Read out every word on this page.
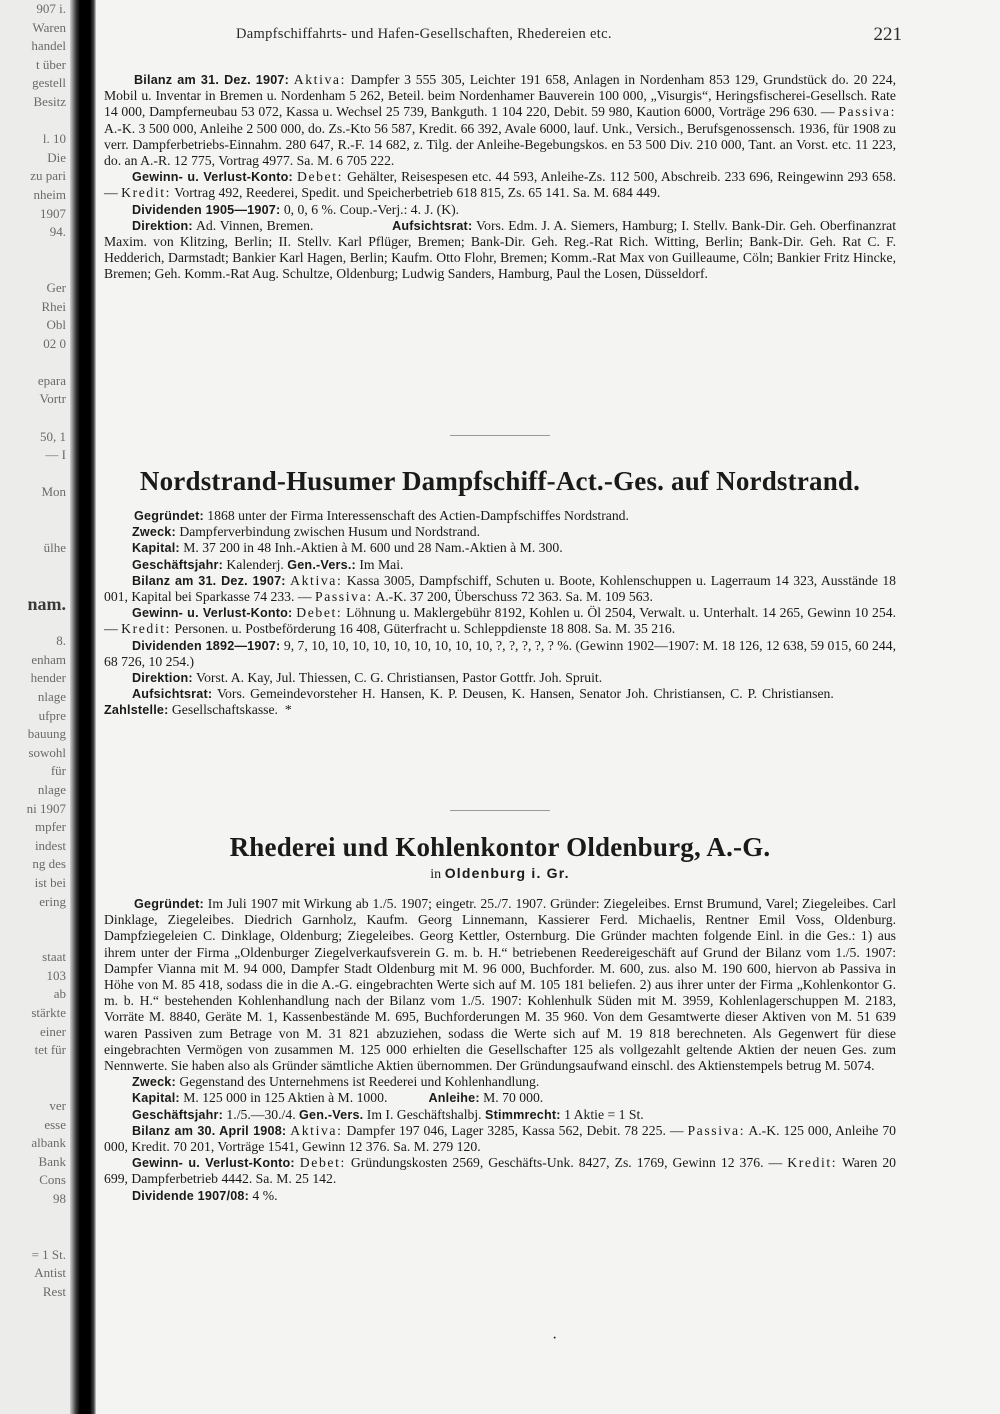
907 i.
Waren
handel
t über
gestell
Besitz
l. 10
Die
zu pari
nheim
1907
94.
Ger
Rhei
Obl
02 0
epara
Vortr
50, 1
— I
Mon
ülhe
nam.
8.
enham
hender
nlage
ufpre
bauung
sowohl
für
nlage
ni 1907
mpfer
indest
ng des
ist bei
ering
staat
103
ab
stärkte
einer
tet für
ver
esse
albank
Bank
Cons
98
= 1 St.
Antist
Rest
Dampfschiffahrts- und Hafen-Gesellschaften, Rhedereien etc.	221

Bilanz am 31. Dez. 1907: Aktiva: Dampfer 3 555 305, Leichter 191 658, Anlagen in Nordenham 853 129, Grundstück do. 20 224, Mobil u. Inventar in Bremen u. Nordenham 5 262, Beteil. beim Nordenhamer Bauverein 100 000, „Visurgis“, Heringsfischerei-Gesellsch. Rate 14 000, Dampferneubau 53 072, Kassa u. Wechsel 25 739, Bankguth. 1 104 220, Debit. 59 980, Kaution 6000, Vorträge 296 630. — Passiva: A.-K. 3 500 000, Anleihe 2 500 000, do. Zs.-Kto 56 587, Kredit. 66 392, Avale 6000, lauf. Unk., Versich., Berufsgenossensch. 1936, für 1908 zu verr. Dampferbetriebs-Einnahm. 280 647, R.-F. 14 682, z. Tilg. der Anleihe-Begebungskos. en 53 500 Div. 210 000, Tant. an Vorst. etc. 11 223, do. an A.-R. 12 775, Vortrag 4977. Sa. M. 6 705 222.

Gewinn- u. Verlust-Konto: Debet: Gehälter, Reisespesen etc. 44 593, Anleihe-Zs. 112 500, Abschreib. 233 696, Reingewinn 293 658. — Kredit: Vortrag 492, Reederei, Spedit. und Speicherbetrieb 618 815, Zs. 65 141. Sa. M. 684 449.

Dividenden 1905—1907: 0, 0, 6 %. Coup.-Verj.: 4. J. (K).

Direktion: Ad. Vinnen, Bremen.	Aufsichtsrat: Vors. Edm. J. A. Siemers, Hamburg; I. Stellv. Bank-Dir. Geh. Oberfinanzrat Maxim. von Klitzing, Berlin; II. Stellv. Karl Pflüger, Bremen; Bank-Dir. Geh. Reg.-Rat Rich. Witting, Berlin; Bank-Dir. Geh. Rat C. F. Hedderich, Darmstadt; Bankier Karl Hagen, Berlin; Kaufm. Otto Flohr, Bremen; Komm.-Rat Max von Guilleaume, Cöln; Bankier Fritz Hincke, Bremen; Geh. Komm.-Rat Aug. Schultze, Oldenburg; Ludwig Sanders, Hamburg, Paul the Losen, Düsseldorf.

Nordstrand-Husumer Dampfschiff-Act.-Ges. auf Nordstrand.

Gegründet: 1868 unter der Firma Interessenschaft des Actien-Dampfschiffes Nordstrand.

Zweck: Dampferverbindung zwischen Husum und Nordstrand.

Kapital: M. 37 200 in 48 Inh.-Aktien à M. 600 und 28 Nam.-Aktien à M. 300.

Geschäftsjahr: Kalenderj. Gen.-Vers.: Im Mai.

Bilanz am 31. Dez. 1907: Aktiva: Kassa 3005, Dampfschiff, Schuten u. Boote, Kohlenschuppen u. Lagerraum 14 323, Ausstände 18 001, Kapital bei Sparkasse 74 233. — Passiva: A.-K. 37 200, Überschuss 72 363. Sa. M. 109 563.

Gewinn- u. Verlust-Konto: Debet: Löhnung u. Maklergebühr 8192, Kohlen u. Öl 2504, Verwalt. u. Unterhalt. 14 265, Gewinn 10 254. — Kredit: Personen. u. Postbeförderung 16 408, Güterfracht u. Schleppdienste 18 808. Sa. M. 35 216.

Dividenden 1892—1907: 9, 7, 10, 10, 10, 10, 10, 10, 10, 10, 10, ?, ?, ?, ?, ? %. (Gewinn 1902—1907: M. 18 126, 12 638, 59 015, 60 244, 68 726, 10 254.)

Direktion: Vorst. A. Kay, Jul. Thiessen, C. G. Christiansen, Pastor Gottfr. Joh. Spruit.

Aufsichtsrat: Vors. Gemeindevorsteher H. Hansen, K. P. Deusen, K. Hansen, Senator Joh. Christiansen, C. P. Christiansen.              Zahlstelle: Gesellschaftskasse. *

Rhederei und Kohlenkontor Oldenburg, A.-G.
in Oldenburg i. Gr.

Gegründet: Im Juli 1907 mit Wirkung ab 1./5. 1907; eingetr. 25./7. 1907. Gründer: Ziegeleibes. Ernst Brumund, Varel; Ziegeleibes. Carl Dinklage, Ziegeleibes. Diedrich Garnholz, Kaufm. Georg Linnemann, Kassierer Ferd. Michaelis, Rentner Emil Voss, Oldenburg. Dampfziegeleien C. Dinklage, Oldenburg; Ziegeleibes. Georg Kettler, Osternburg. Die Gründer machten folgende Einl. in die Ges.: 1) aus ihrem unter der Firma „Oldenburger Ziegelverkaufsverein G. m. b. H.“ betriebenen Reedereigeschäft auf Grund der Bilanz vom 1./5. 1907: Dampfer Vianna mit M. 94 000, Dampfer Stadt Oldenburg mit M. 96 000, Buchforder. M. 600, zus. also M. 190 600, hiervon ab Passiva in Höhe von M. 85 418, sodass die in die A.-G. eingebrachten Werte sich auf M. 105 181 beliefen. 2) aus ihrer unter der Firma „Kohlenkontor G. m. b. H.“ bestehenden Kohlenhandlung nach der Bilanz vom 1./5. 1907: Kohlenhulk Süden mit M. 3959, Kohlenlagerschuppen M. 2183, Vorräte M. 8840, Geräte M. 1, Kassenbestände M. 695, Buchforderungen M. 35 960. Von dem Gesamtwerte dieser Aktiven von M. 51 639 waren Passiven zum Betrage von M. 31 821 abzuziehen, sodass die Werte sich auf M. 19 818 berechneten. Als Gegenwert für diese eingebrachten Vermögen von zusammen M. 125 000 erhielten die Gesellschafter 125 als vollgezahlt geltende Aktien der neuen Ges. zum Nennwerte. Sie haben also als Gründer sämtliche Aktien übernommen. Der Gründungsaufwand einschl. des Aktienstempels betrug M. 5074.

Zweck: Gegenstand des Unternehmens ist Reederei und Kohlenhandlung.

Kapital: M. 125 000 in 125 Aktien à M. 1000.	Anleihe: M. 70 000.

Geschäftsjahr: 1./5.—30./4. Gen.-Vers. Im I. Geschäftshalbj. Stimmrecht: 1 Aktie = 1 St.

Bilanz am 30. April 1908: Aktiva: Dampfer 197 046, Lager 3285, Kassa 562, Debit. 78 225. — Passiva: A.-K. 125 000, Anleihe 70 000, Kredit. 70 201, Vorträge 1541, Gewinn 12 376. Sa. M. 279 120.

Gewinn- u. Verlust-Konto: Debet: Gründungskosten 2569, Geschäfts-Unk. 8427, Zs. 1769, Gewinn 12 376. — Kredit: Waren 20 699, Dampferbetrieb 4442. Sa. M. 25 142.

Dividende 1907/08: 4 %.

·
